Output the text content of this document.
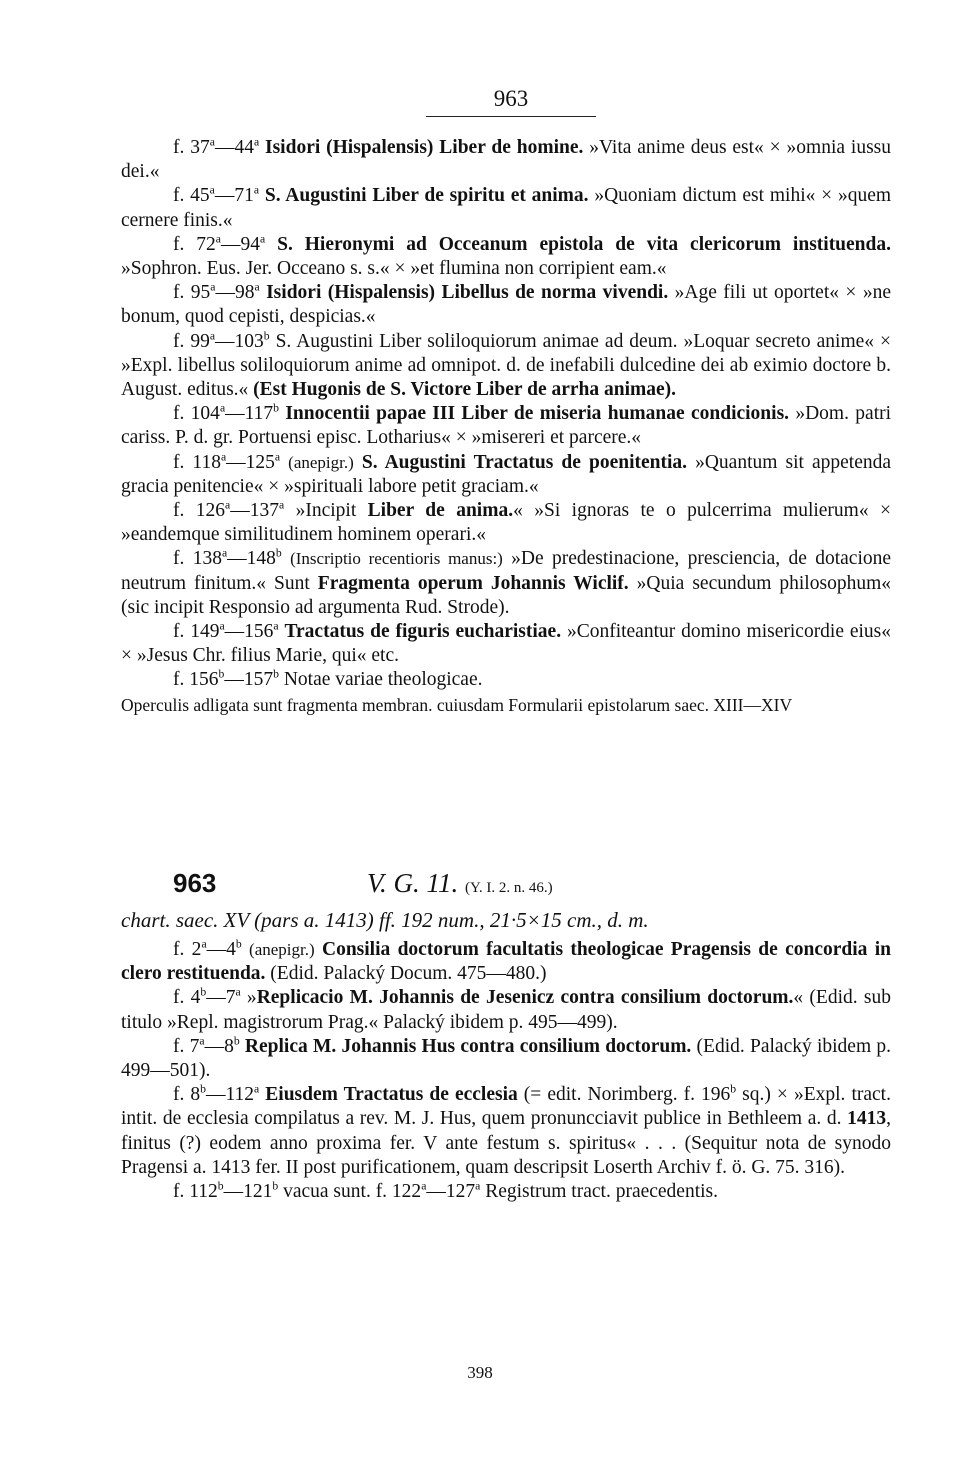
963

f. 37$^a$—44$^a$ Isidori (Hispalensis) Liber de homine. »Vita anime deus est« × »omnia iussu dei.«

f. 45$^a$—71$^a$ S. Augustini Liber de spiritu et anima. »Quoniam dictum est mihi« × »quem cernere finis.«

f. 72$^a$—94$^a$ S. Hieronymi ad Occeanum epistola de vita clericorum instituenda. »Sophron. Eus. Jer. Occeano s. s.« × »et flumina non corripient eam.«

f. 95$^a$—98$^a$ Isidori (Hispalensis) Libellus de norma vivendi. »Age fili ut oportet« × »ne bonum, quod cepisti, despicias.«

f. 99$^a$—103$^b$ S. Augustini Liber soliloquiorum animae ad deum. »Loquar secreto anime« × »Expl. libellus soliloquiorum anime ad omnipot. d. de inefabili dulcedine dei ab eximio doctore b. August. editus.« (Est Hugonis de S. Victore Liber de arrha animae).

f. 104$^a$—117$^b$ Innocentii papae III Liber de miseria humanae condicionis. »Dom. patri cariss. P. d. gr. Portuensi episc. Lotharius« × »misereri et parcere.«

f. 118$^a$—125$^a$ (anepigr.) S. Augustini Tractatus de poenitentia. »Quantum sit appetenda gracia penitencie« × »spirituali labore petit graciam.«

f. 126$^a$—137$^a$ »Incipit Liber de anima.« »Si ignoras te o pulcerrima mulierum« × »eandemque similitudinem hominem operari.«

f. 138$^a$—148$^b$ (Inscriptio recentioris manus:) »De predestinacione, presciencia, de dotacione neutrum finitum.« Sunt Fragmenta operum Johannis Wiclif. »Quia secundum philosophum« (sic incipit Responsio ad argumenta Rud. Strode).

f. 149$^a$—156$^a$ Tractatus de figuris eucharistiae. »Confiteantur domino misericordie eius« × »Jesus Chr. filius Marie, qui« etc.

f. 156$^b$—157$^b$ Notae variae theologicae.

Operculis adligata sunt fragmenta membran. cuiusdam Formularii epistolarum saec. XIII—XIV

963	V. G. 11. (Y. I. 2. n. 46.)
chart. saec. XV (pars a. 1413) ff. 192 num., 21·5×15 cm., d. m.

f. 2$^a$—4$^b$ (anepigr.) Consilia doctorum facultatis theologicae Pragensis de concordia in clero restituenda. (Edid. Palacký Docum. 475—480.)

f. 4$^b$—7$^a$ »Replicacio M. Johannis de Jesenicz contra consilium doctorum.« (Edid. sub titulo »Repl. magistrorum Prag.« Palacký ibidem p. 495—499).

f. 7$^a$—8$^b$ Replica M. Johannis Hus contra consilium doctorum. (Edid. Palacký ibidem p. 499—501).

f. 8$^b$—112$^a$ Eiusdem Tractatus de ecclesia (= edit. Norimberg. f. 196$^b$ sq.) × »Expl. tract. intit. de ecclesia compilatus a rev. M. J. Hus, quem pronuncciavit publice in Bethleem a. d. 1413, finitus (?) eodem anno proxima fer. V ante festum s. spiritus« . . . (Sequitur nota de synodo Pragensi a. 1413 fer. II post purificationem, quam descripsit Loserth Archiv f. ö. G. 75. 316).

f. 112$^b$—121$^b$ vacua sunt. f. 122$^a$—127$^a$ Registrum tract. praecedentis.

398
